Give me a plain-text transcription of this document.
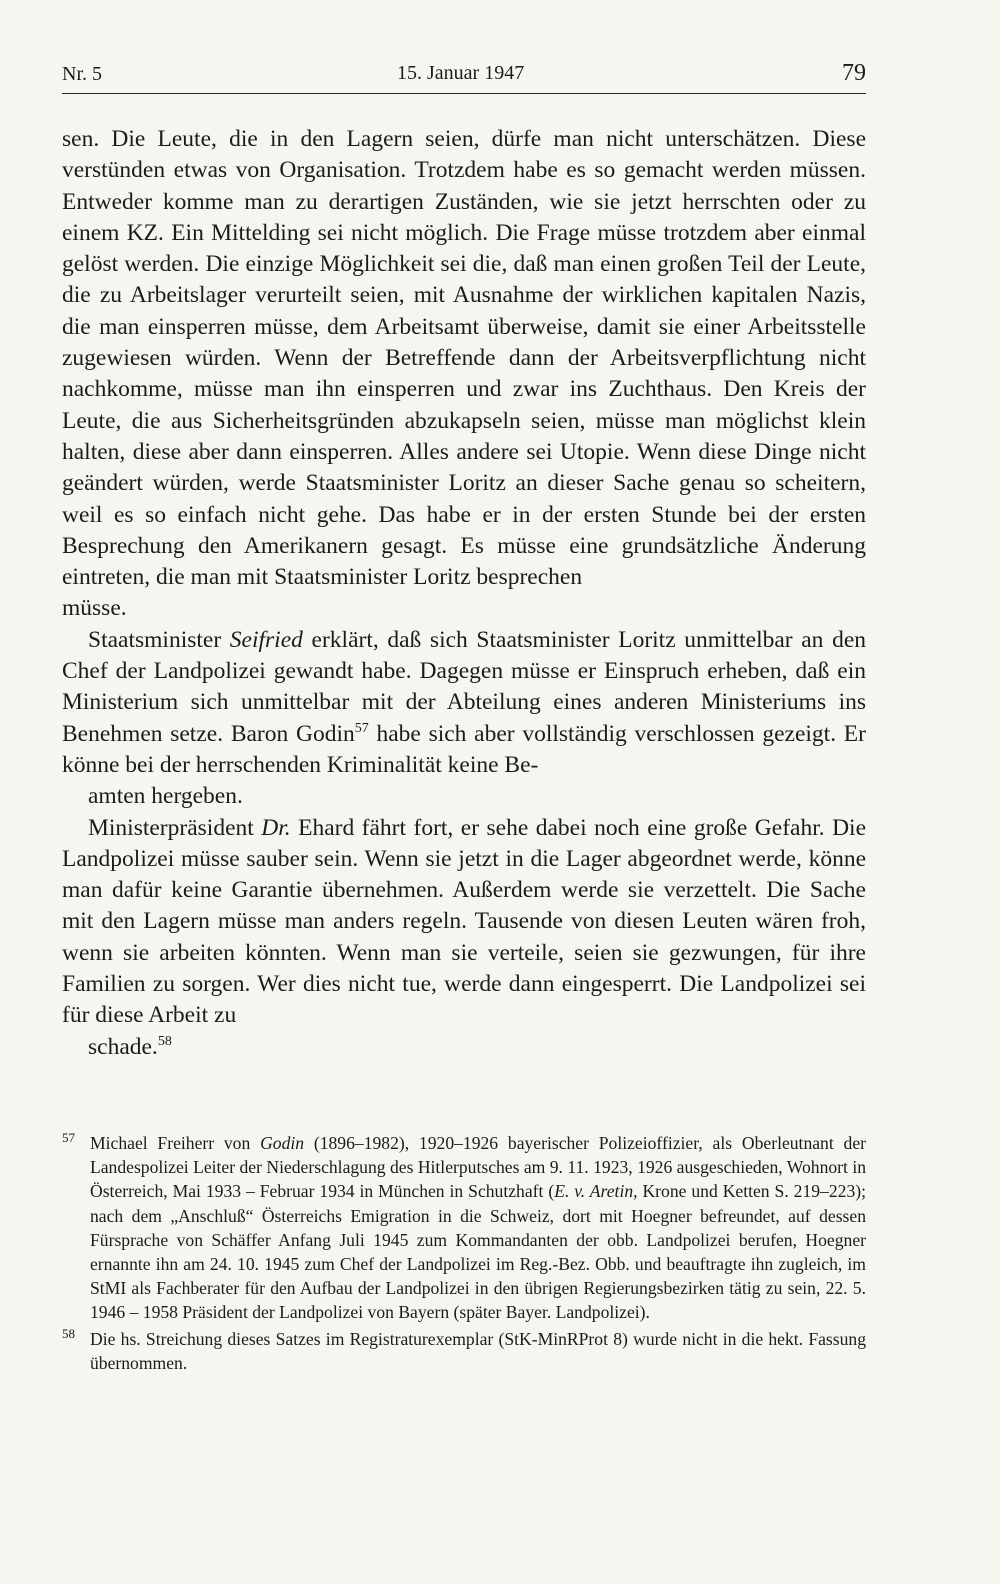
Nr. 5	15. Januar 1947	79

sen. Die Leute, die in den Lagern seien, dürfe man nicht unterschätzen. Diese verstünden etwas von Organisation. Trotzdem habe es so gemacht werden müssen. Entweder komme man zu derartigen Zuständen, wie sie jetzt herrschten oder zu einem KZ. Ein Mittelding sei nicht möglich. Die Frage müsse trotzdem aber einmal gelöst werden. Die einzige Möglichkeit sei die, daß man einen großen Teil der Leute, die zu Arbeitslager verurteilt seien, mit Ausnahme der wirklichen kapitalen Nazis, die man einsperren müsse, dem Arbeitsamt überweise, damit sie einer Arbeitsstelle zugewiesen würden. Wenn der Betreffende dann der Arbeitsverpflichtung nicht nachkomme, müsse man ihn einsperren und zwar ins Zuchthaus. Den Kreis der Leute, die aus Sicherheitsgründen abzukapseln seien, müsse man möglichst klein halten, diese aber dann einsperren. Alles andere sei Utopie. Wenn diese Dinge nicht geändert würden, werde Staatsminister Loritz an dieser Sache genau so scheitern, weil es so einfach nicht gehe. Das habe er in der ersten Stunde bei der ersten Besprechung den Amerikanern gesagt. Es müsse eine grundsätzliche Änderung eintreten, die man mit Staatsminister Loritz besprechen
müsse.

Staatsminister Seifried erklärt, daß sich Staatsminister Loritz unmittelbar an den Chef der Landpolizei gewandt habe. Dagegen müsse er Einspruch erheben, daß ein Ministerium sich unmittelbar mit der Abteilung eines anderen Ministeriums ins Benehmen setze. Baron Godin$^{57}$ habe sich aber vollständig verschlossen gezeigt. Er könne bei der herrschenden Kriminalität keine Be-
amten hergeben.

Ministerpräsident Dr. Ehard fährt fort, er sehe dabei noch eine große Gefahr. Die Landpolizei müsse sauber sein. Wenn sie jetzt in die Lager abgeordnet werde, könne man dafür keine Garantie übernehmen. Außerdem werde sie verzettelt. Die Sache mit den Lagern müsse man anders regeln. Tausende von diesen Leuten wären froh, wenn sie arbeiten könnten. Wenn man sie verteile, seien sie gezwungen, für ihre Familien zu sorgen. Wer dies nicht tue, werde dann eingesperrt. Die Landpolizei sei für diese Arbeit zu
schade.$^{58}$

57 Michael Freiherr von Godin (1896–1982), 1920–1926 bayerischer Polizeioffizier, als Oberleutnant der Landespolizei Leiter der Niederschlagung des Hitlerputsches am 9. 11. 1923, 1926 ausgeschieden, Wohnort in Österreich, Mai 1933 – Februar 1934 in München in Schutzhaft (E. v. Aretin, Krone und Ketten S. 219–223); nach dem „Anschluß“ Österreichs Emigration in die Schweiz, dort mit Hoegner befreundet, auf dessen Fürsprache von Schäffer Anfang Juli 1945 zum Kommandanten der obb. Landpolizei berufen, Hoegner ernannte ihn am 24. 10. 1945 zum Chef der Landpolizei im Reg.-Bez. Obb. und beauftragte ihn zugleich, im StMI als Fachberater für den Aufbau der Landpolizei in den übrigen Regierungsbezirken tätig zu sein, 22. 5. 1946 – 1958 Präsident der Landpolizei von Bayern (später Bayer. Landpolizei).

58 Die hs. Streichung dieses Satzes im Registraturexemplar (StK-MinRProt 8) wurde nicht in die hekt. Fassung übernommen.
